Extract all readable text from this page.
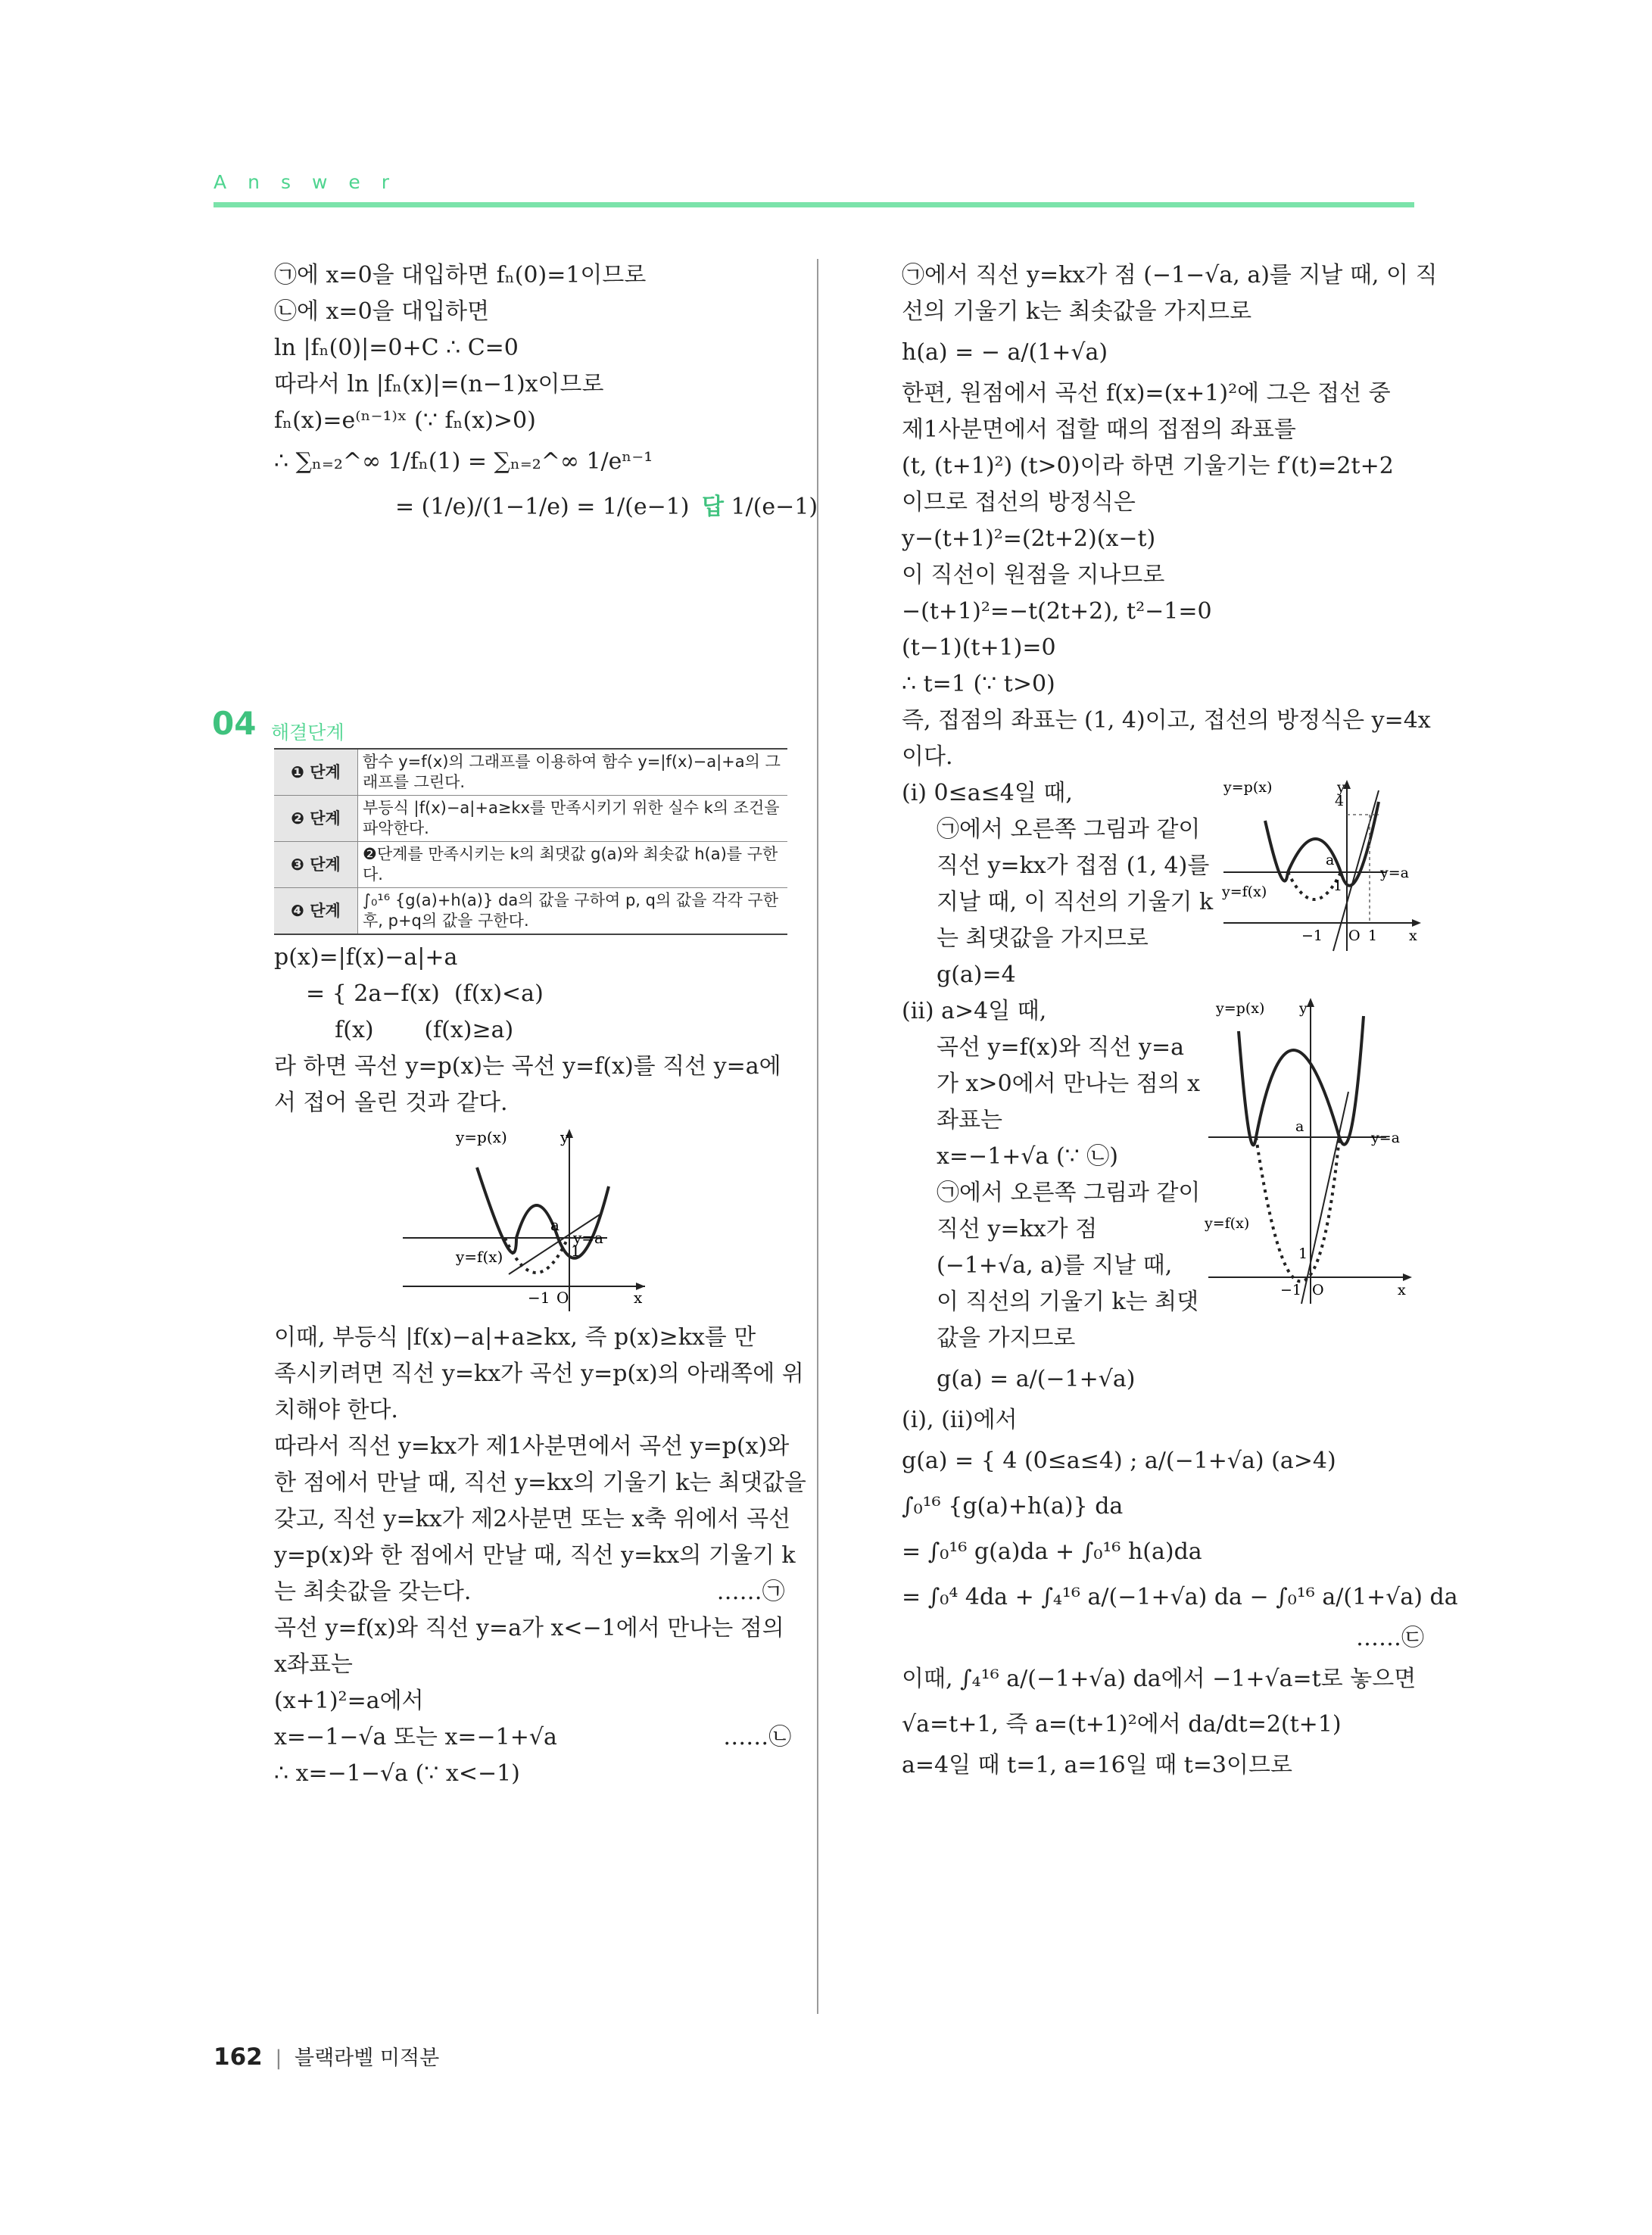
Answer
㉠에 x=0을 대입하면 fₙ(0)=1이므로
㉡에 x=0을 대입하면
ln |fₙ(0)|=0+C ∴ C=0
따라서 ln |fₙ(x)|=(n−1)x이므로
fₙ(x)=e⁽ⁿ⁻¹⁾ˣ (∵ fₙ(x)>0)
∴ ∑ₙ₌₂^∞ 1/fₙ(1) = ∑ₙ₌₂^∞ 1/eⁿ⁻¹
= (1/e)/(1−1/e) = 1/(e−1) 답 1/(e−1)
04 해결단계
❶ 단계	함수 y=f(x)의 그래프를 이용하여 함수 y=|f(x)−a|+a의 그래프를 그린다.
❷ 단계	부등식 |f(x)−a|+a≥kx를 만족시키기 위한 실수 k의 조건을 파악한다.
❸ 단계	❷단계를 만족시키는 k의 최댓값 g(a)와 최솟값 h(a)를 구한다.
❹ 단계	∫₀¹⁶ {g(a)+h(a)} da의 값을 구하여 p, q의 값을 각각 구한 후, p+q의 값을 구한다.
p(x)=|f(x)−a|+a
= { 2a−f(x)  (f(x)<a)
f(x)       (f(x)≥a)
라 하면 곡선 y=p(x)는 곡선 y=f(x)를 직선 y=a에
서 접어 올린 것과 같다.
y=p(x)	y
a
y=a
1
y=f(x)
−1 O	x
이때, 부등식 |f(x)−a|+a≥kx, 즉 p(x)≥kx를 만
족시키려면 직선 y=kx가 곡선 y=p(x)의 아래쪽에 위
치해야 한다.
따라서 직선 y=kx가 제1사분면에서 곡선 y=p(x)와
한 점에서 만날 때, 직선 y=kx의 기울기 k는 최댓값을
갖고, 직선 y=kx가 제2사분면 또는 x축 위에서 곡선
y=p(x)와 한 점에서 만날 때, 직선 y=kx의 기울기 k
는 최솟값을 갖는다.                                  ……㉠
곡선 y=f(x)와 직선 y=a가 x<−1에서 만나는 점의
x좌표는
(x+1)²=a에서
x=−1−√a 또는 x=−1+√a                       ……㉡
∴ x=−1−√a (∵ x<−1)
㉠에서 직선 y=kx가 점 (−1−√a, a)를 지날 때, 이 직
선의 기울기 k는 최솟값을 가지므로
h(a) = − a/(1+√a)
한편, 원점에서 곡선 f(x)=(x+1)²에 그은 접선 중
제1사분면에서 접할 때의 접점의 좌표를
(t, (t+1)²) (t>0)이라 하면 기울기는 f′(t)=2t+2
이므로 접선의 방정식은
y−(t+1)²=(2t+2)(x−t)
이 직선이 원점을 지나므로
−(t+1)²=−t(2t+2), t²−1=0
(t−1)(t+1)=0
∴ t=1 (∵ t>0)
즉, 접점의 좌표는 (1, 4)이고, 접선의 방정식은 y=4x
이다.
(ⅰ) 0≤a≤4일 때,
㉠에서 오른쪽 그림과 같이
직선 y=kx가 접점 (1, 4)를
지날 때, 이 직선의 기울기 k
는 최댓값을 가지므로
g(a)=4
y=p(x)	y
4
a
y=a
1
y=f(x)
−1 O 1 x
(ⅱ) a>4일 때,
곡선 y=f(x)와 직선 y=a
가 x>0에서 만나는 점의 x
좌표는
x=−1+√a (∵ ㉡)
㉠에서 오른쪽 그림과 같이
직선 y=kx가 점
(−1+√a, a)를 지날 때,
이 직선의 기울기 k는 최댓
값을 가지므로
g(a) = a/(−1+√a)
y=p(x) y
a
y=a
y=f(x)
1
−1 O	x
(ⅰ), (ⅱ)에서
g(a) = { 4 (0≤a≤4) ; a/(−1+√a) (a>4)
∫₀¹⁶ {g(a)+h(a)} da
= ∫₀¹⁶ g(a)da + ∫₀¹⁶ h(a)da
= ∫₀⁴ 4da + ∫₄¹⁶ a/(−1+√a) da − ∫₀¹⁶ a/(1+√a) da
……㉢
이때, ∫₄¹⁶ a/(−1+√a) da에서 −1+√a=t로 놓으면
√a=t+1, 즉 a=(t+1)²에서 da/dt=2(t+1)
a=4일 때 t=1, a=16일 때 t=3이므로
162 | 블랙라벨 미적분
